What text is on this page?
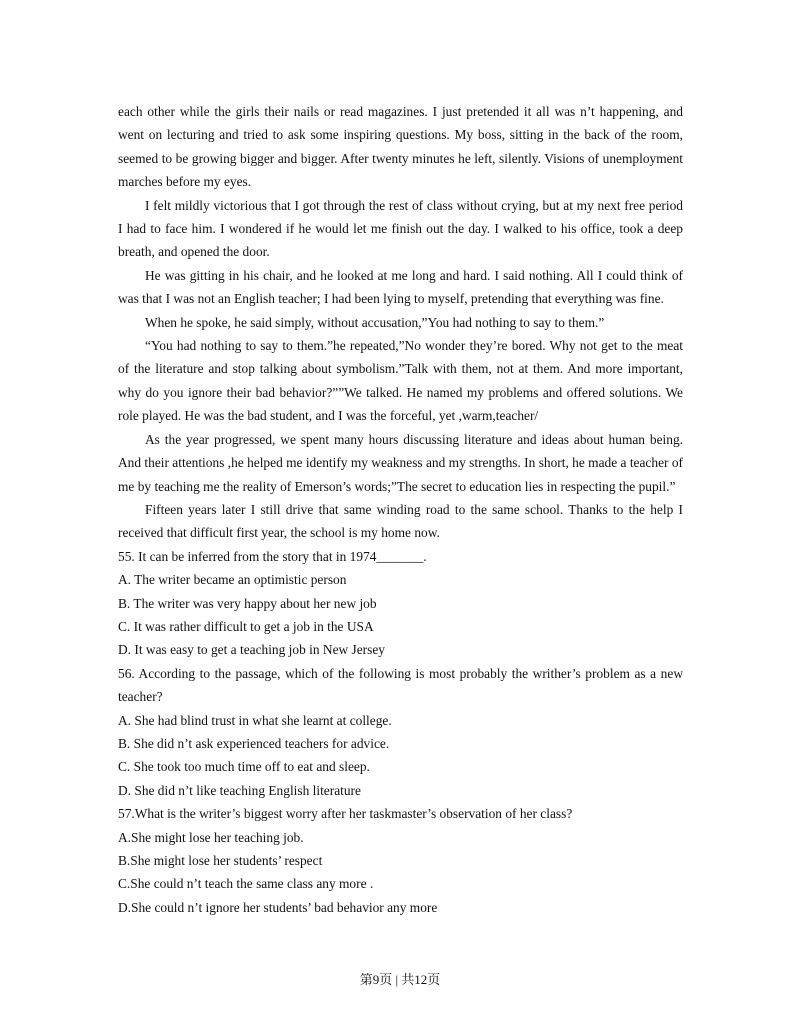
each other while the girls their nails or read magazines. I just pretended it all was n’t happening, and went on lecturing and tried to ask some inspiring questions. My boss, sitting in the back of the room, seemed to be growing bigger and bigger. After twenty minutes he left, silently. Visions of unemployment marches before my eyes.

I felt mildly victorious that I got through the rest of class without crying, but at my next free period I had to face him. I wondered if he would let me finish out the day. I walked to his office, took a deep breath, and opened the door.

He was gitting in his chair, and he looked at me long and hard. I said nothing. All I could think of was that I was not an English teacher; I had been lying to myself, pretending that everything was fine.

When he spoke, he said simply, without accusation,”You had nothing to say to them.”

“You had nothing to say to them.”he repeated,”No wonder they’re bored. Why not get to the meat of the literature and stop talking about symbolism.”Talk with them, not at them. And more important, why do you ignore their bad behavior?””We talked. He named my problems and offered solutions. We role played. He was the bad student, and I was the forceful, yet ,warm,teacher/

As the year progressed, we spent many hours discussing literature and ideas about human being. And their attentions ,he helped me identify my weakness and my strengths. In short, he made a teacher of me by teaching me the reality of Emerson’s words;”The secret to education lies in respecting the pupil.”

Fifteen years later I still drive that same winding road to the same school. Thanks to the help I received that difficult first year, the school is my home now.

55. It can be inferred from the story that in 1974_______.

A. The writer became an optimistic person

B. The writer was very happy about her new job

C. It was rather difficult to get a job in the USA

D. It was easy to get a teaching job in New Jersey

56. According to the passage, which of the following is most probably the writher’s problem as a new teacher?

A. She had blind trust in what she learnt at college.

B. She did n’t ask experienced teachers for advice.

C. She took too much time off to eat and sleep.

D. She did n’t like teaching English literature

57.What is the writer’s biggest worry after her taskmaster’s observation of her class?

A.She might lose her teaching job.

B.She might lose her students’ respect

C.She could n’t teach the same class any more .

D.She could n’t ignore her students’ bad behavior any more

第9页 | 共12页
